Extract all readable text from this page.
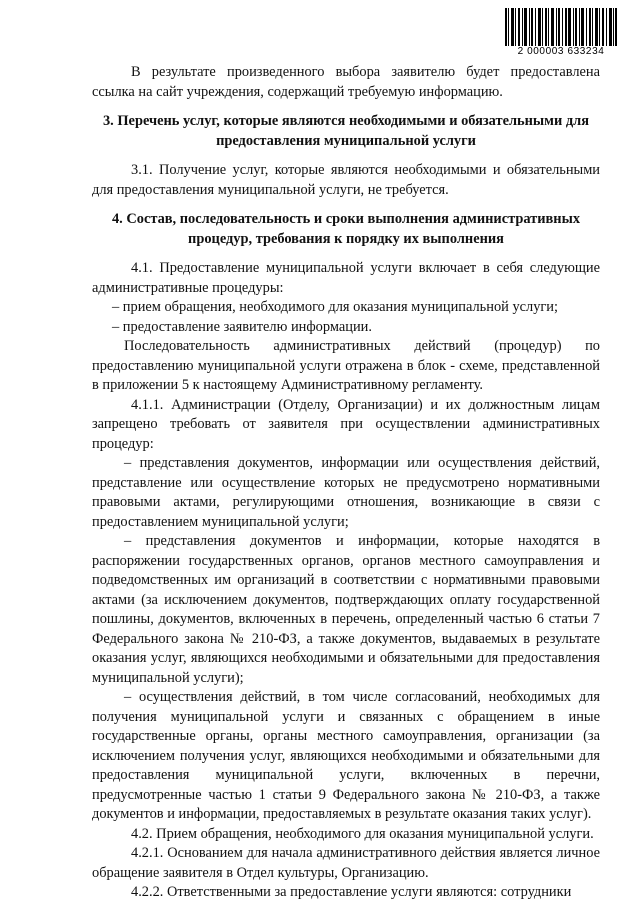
2 000003 633234

В результате произведенного выбора заявителю будет предоставлена ссылка на сайт учреждения, содержащий требуемую информацию.

3. Перечень услуг, которые являются необходимыми и обязательными для предоставления муниципальной услуги

3.1. Получение услуг, которые являются необходимыми и обязательными для предоставления муниципальной услуги, не требуется.

4. Состав, последовательность и сроки выполнения административных процедур, требования к порядку их выполнения

4.1. Предоставление муниципальной услуги включает в себя следующие административные процедуры:

– прием обращения, необходимого для оказания муниципальной услуги;

– предоставление заявителю информации.

Последовательность административных действий (процедур) по предоставлению муниципальной услуги отражена в блок - схеме, представленной в приложении 5 к настоящему Административному регламенту.

4.1.1. Администрации (Отделу, Организации) и их должностным лицам запрещено требовать от заявителя при осуществлении административных процедур:

– представления документов, информации или осуществления действий, представление или осуществление которых не предусмотрено нормативными правовыми актами, регулирующими отношения, возникающие в связи с предоставлением муниципальной услуги;

– представления документов и информации, которые находятся в распоряжении государственных органов, органов местного самоуправления и подведомственных им организаций в соответствии с нормативными правовыми актами (за исключением документов, подтверждающих оплату государственной пошлины, документов, включенных в перечень, определенный частью 6 статьи 7 Федерального закона № 210-ФЗ, а также документов, выдаваемых в результате оказания услуг, являющихся необходимыми и обязательными для предоставления муниципальной услуги);

– осуществления действий, в том числе согласований, необходимых для получения муниципальной услуги и связанных с обращением в иные государственные органы, органы местного самоуправления, организации (за исключением получения услуг, являющихся необходимыми и обязательными для предоставления муниципальной услуги, включенных в перечни, предусмотренные частью 1 статьи 9 Федерального закона № 210-ФЗ, а также документов и информации, предоставляемых в результате оказания таких услуг).

4.2. Прием обращения, необходимого для оказания муниципальной услуги.

4.2.1. Основанием для начала административного действия является личное обращение заявителя в Отдел культуры, Организацию.

4.2.2. Ответственными за предоставление услуги являются: сотрудники
